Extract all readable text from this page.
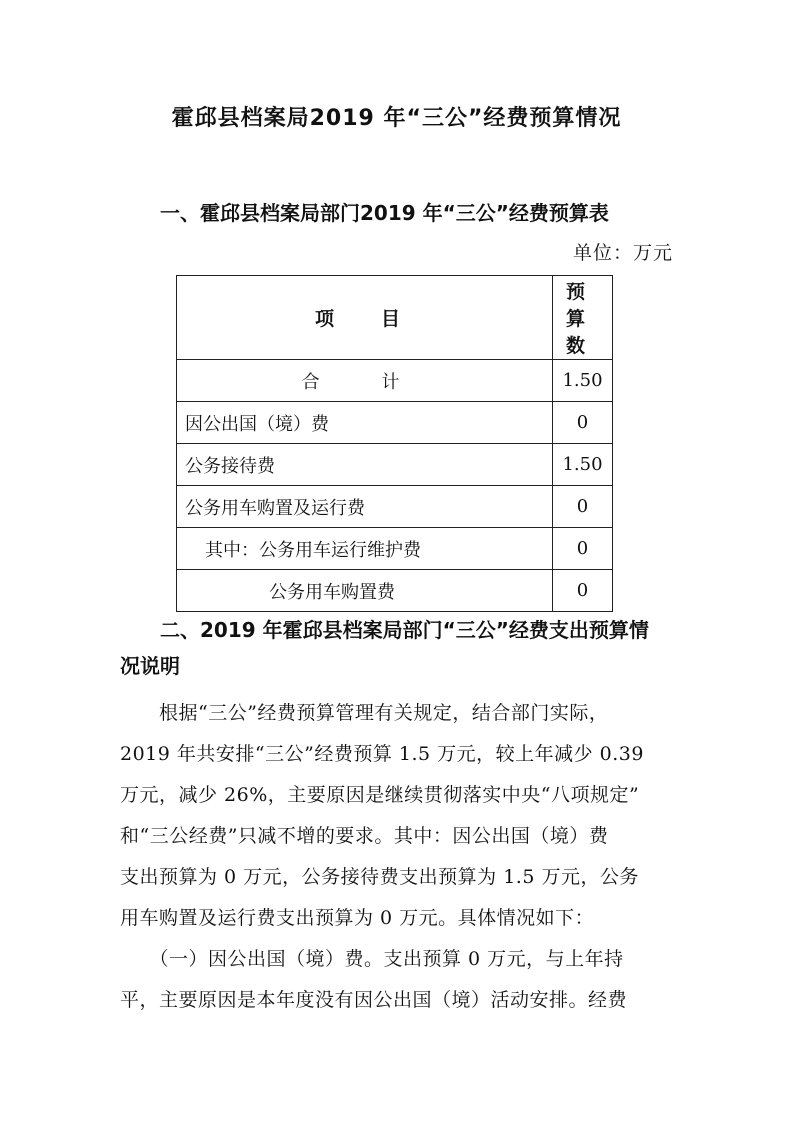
霍邱县档案局2019 年“三公”经费预算情况
一、霍邱县档案局部门2019 年“三公”经费预算表
单位：万元
项　目	预算数
合 计	1.50
因公出国（境）费	0
公务接待费	1.50
公务用车购置及运行费	0
其中：公务用车运行维护费	0
公务用车购置费	0
二、2019 年霍邱县档案局部门“三公”经费支出预算情
况说明
　　根据“三公”经费预算管理有关规定，结合部门实际，
2019 年共安排“三公”经费预算 1.5 万元，较上年减少 0.39
万元，减少 26%，主要原因是继续贯彻落实中央“八项规定”
和“三公经费”只减不增的要求。其中：因公出国（境）费
支出预算为 0 万元，公务接待费支出预算为 1.5 万元，公务
用车购置及运行费支出预算为 0 万元。具体情况如下：
　　（一）因公出国（境）费。支出预算 0 万元，与上年持
平，主要原因是本年度没有因公出国（境）活动安排。经费
